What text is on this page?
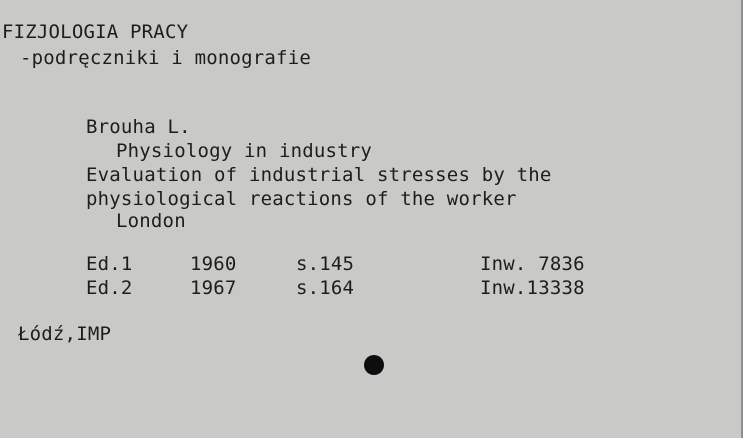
FIZJOLOGIA PRACY
-podręczniki i monografie
Brouha L.
Physiology in industry
Evaluation of industrial stresses by the
physiological reactions of the worker
London
Ed.1	1960	s.145	Inw. 7836
Ed.2	1967	s.164	Inw.13338
Łódź,IMP
